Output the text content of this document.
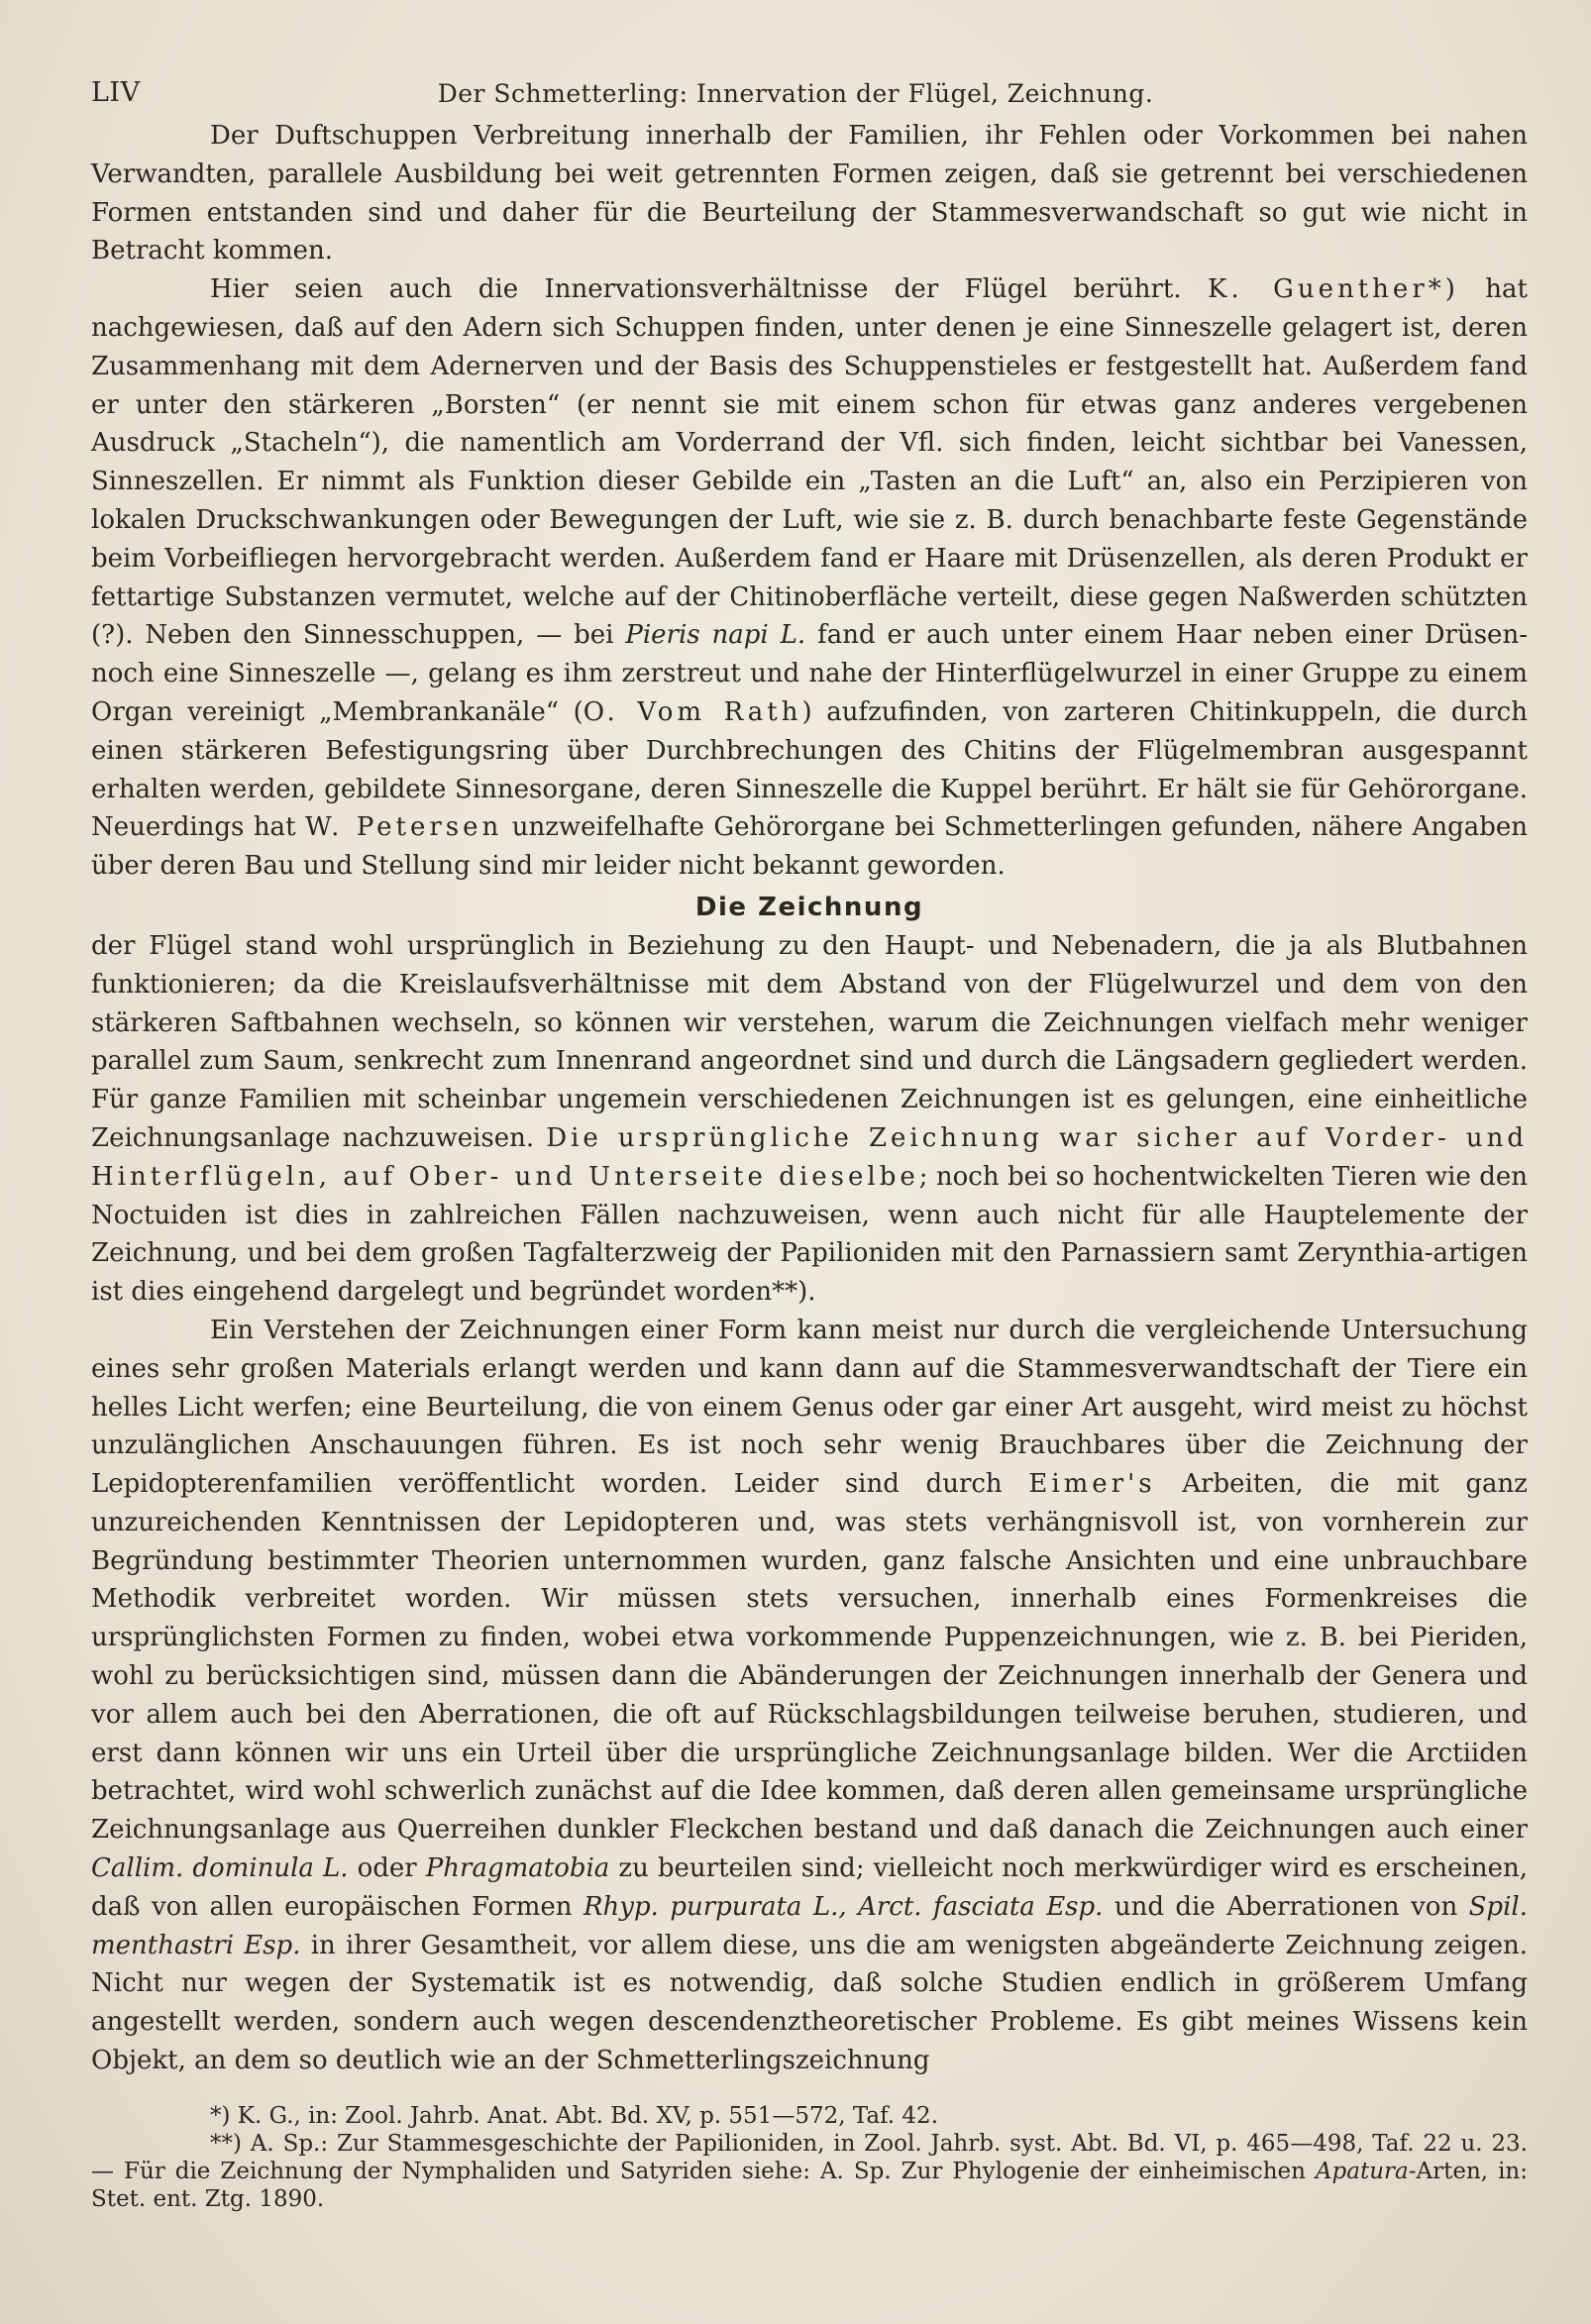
LIV	Der Schmetterling: Innervation der Flügel, Zeichnung.

Der Duftschuppen Verbreitung innerhalb der Familien, ihr Fehlen oder Vorkommen bei nahen Verwandten, parallele Ausbildung bei weit getrennten Formen zeigen, daß sie getrennt bei verschiedenen Formen entstanden sind und daher für die Beurteilung der Stammesverwandschaft so gut wie nicht in Betracht kommen.

Hier seien auch die Innervationsverhältnisse der Flügel berührt. K. Guenther*) hat nachgewiesen, daß auf den Adern sich Schuppen finden, unter denen je eine Sinneszelle gelagert ist, deren Zusammenhang mit dem Adernerven und der Basis des Schuppenstieles er festgestellt hat. Außerdem fand er unter den stärkeren „Borsten“ (er nennt sie mit einem schon für etwas ganz anderes vergebenen Ausdruck „Stacheln“), die namentlich am Vorderrand der Vfl. sich finden, leicht sichtbar bei Vanessen, Sinneszellen. Er nimmt als Funktion dieser Gebilde ein „Tasten an die Luft“ an, also ein Perzipieren von lokalen Druckschwankungen oder Bewegungen der Luft, wie sie z. B. durch benachbarte feste Gegenstände beim Vorbeifliegen hervorgebracht werden. Außerdem fand er Haare mit Drüsenzellen, als deren Produkt er fettartige Substanzen vermutet, welche auf der Chitinoberfläche verteilt, diese gegen Naßwerden schützten (?). Neben den Sinnesschuppen, — bei Pieris napi L. fand er auch unter einem Haar neben einer Drüsen- noch eine Sinneszelle —, gelang es ihm zerstreut und nahe der Hinterflügelwurzel in einer Gruppe zu einem Organ vereinigt „Membrankanäle“ (O. Vom Rath) aufzufinden, von zarteren Chitinkuppeln, die durch einen stärkeren Befestigungsring über Durchbrechungen des Chitins der Flügelmembran ausgespannt erhalten werden, gebildete Sinnesorgane, deren Sinneszelle die Kuppel berührt. Er hält sie für Gehörorgane. Neuerdings hat W. Petersen unzweifelhafte Gehörorgane bei Schmetterlingen gefunden, nähere Angaben über deren Bau und Stellung sind mir leider nicht bekannt geworden.

Die Zeichnung

der Flügel stand wohl ursprünglich in Beziehung zu den Haupt- und Nebenadern, die ja als Blutbahnen funktionieren; da die Kreislaufsverhältnisse mit dem Abstand von der Flügelwurzel und dem von den stärkeren Saftbahnen wechseln, so können wir verstehen, warum die Zeichnungen vielfach mehr weniger parallel zum Saum, senkrecht zum Innenrand angeordnet sind und durch die Längsadern gegliedert werden. Für ganze Familien mit scheinbar ungemein verschiedenen Zeichnungen ist es gelungen, eine einheitliche Zeichnungsanlage nachzuweisen. Die ursprüngliche Zeichnung war sicher auf Vorder- und Hinterflügeln, auf Ober- und Unterseite dieselbe; noch bei so hochentwickelten Tieren wie den Noctuiden ist dies in zahlreichen Fällen nachzuweisen, wenn auch nicht für alle Hauptelemente der Zeichnung, und bei dem großen Tagfalterzweig der Papilioniden mit den Parnassiern samt Zerynthia-artigen ist dies eingehend dargelegt und begründet worden**).

Ein Verstehen der Zeichnungen einer Form kann meist nur durch die vergleichende Untersuchung eines sehr großen Materials erlangt werden und kann dann auf die Stammesverwandtschaft der Tiere ein helles Licht werfen; eine Beurteilung, die von einem Genus oder gar einer Art ausgeht, wird meist zu höchst unzulänglichen Anschauungen führen. Es ist noch sehr wenig Brauchbares über die Zeichnung der Lepidopterenfamilien veröffentlicht worden. Leider sind durch Eimer's Arbeiten, die mit ganz unzureichenden Kenntnissen der Lepidopteren und, was stets verhängnisvoll ist, von vornherein zur Begründung bestimmter Theorien unternommen wurden, ganz falsche Ansichten und eine unbrauchbare Methodik verbreitet worden. Wir müssen stets versuchen, innerhalb eines Formenkreises die ursprünglichsten Formen zu finden, wobei etwa vorkommende Puppenzeichnungen, wie z. B. bei Pieriden, wohl zu berücksichtigen sind, müssen dann die Abänderungen der Zeichnungen innerhalb der Genera und vor allem auch bei den Aberrationen, die oft auf Rückschlagsbildungen teilweise beruhen, studieren, und erst dann können wir uns ein Urteil über die ursprüngliche Zeichnungsanlage bilden. Wer die Arctiiden betrachtet, wird wohl schwerlich zunächst auf die Idee kommen, daß deren allen gemeinsame ursprüngliche Zeichnungsanlage aus Querreihen dunkler Fleckchen bestand und daß danach die Zeichnungen auch einer Callim. dominula L. oder Phragmatobia zu beurteilen sind; vielleicht noch merkwürdiger wird es erscheinen, daß von allen europäischen Formen Rhyp. purpurata L., Arct. fasciata Esp. und die Aberrationen von Spil. menthastri Esp. in ihrer Gesamtheit, vor allem diese, uns die am wenigsten abgeänderte Zeichnung zeigen. Nicht nur wegen der Systematik ist es notwendig, daß solche Studien endlich in größerem Umfang angestellt werden, sondern auch wegen descendenztheoretischer Probleme. Es gibt meines Wissens kein Objekt, an dem so deutlich wie an der Schmetterlingszeichnung

*) K. G., in: Zool. Jahrb. Anat. Abt. Bd. XV, p. 551—572, Taf. 42.

**) A. Sp.: Zur Stammesgeschichte der Papilioniden, in Zool. Jahrb. syst. Abt. Bd. VI, p. 465—498, Taf. 22 u. 23. — Für die Zeichnung der Nymphaliden und Satyriden siehe: A. Sp. Zur Phylogenie der einheimischen Apatura-Arten, in: Stet. ent. Ztg. 1890.
